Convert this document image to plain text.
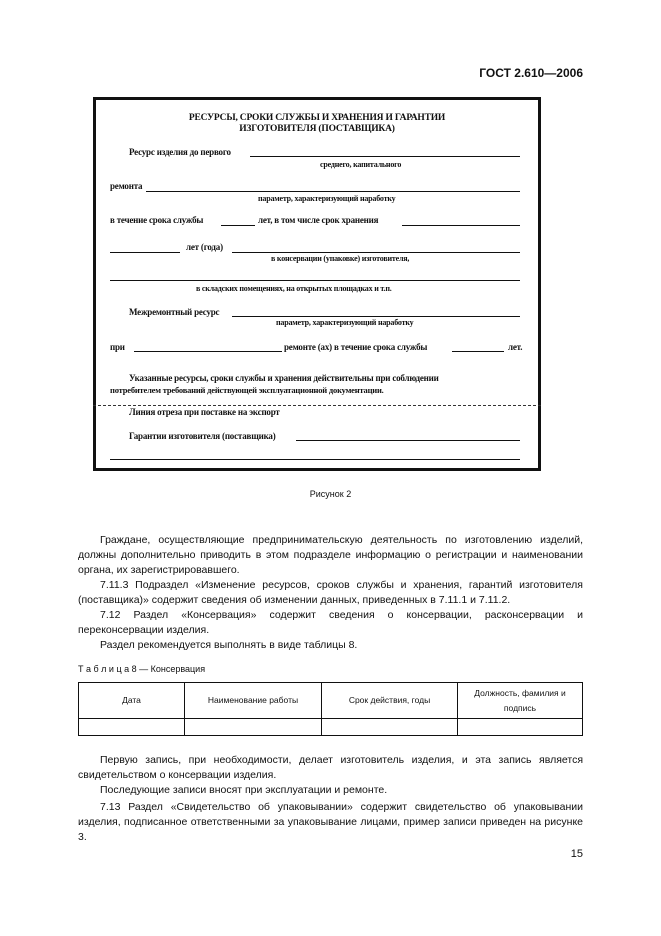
ГОСТ 2.610—2006
РЕСУРСЫ, СРОКИ СЛУЖБЫ И ХРАНЕНИЯ И ГАРАНТИИ
ИЗГОТОВИТЕЛЯ (ПОСТАВЩИКА)
Ресурс изделия до первого
среднего, капитального
ремонта
параметр, характеризующий наработку
в течение срока службы	лет, в том числе срок хранения
лет (года)
в консервации (упаковке) изготовителя,
в складских помещениях, на открытых площадках и т.п.
Межремонтный ресурс
параметр, характеризующий наработку
при	ремонте (ах) в течение срока службы	лет.
Указанные ресурсы, сроки службы и хранения действительны при соблюдении
потребителем требований действующей эксплуатационной документации.
Линия отреза при поставке на экспорт
Гарантии изготовителя (поставщика)
Рисунок 2
Граждане, осуществляющие предпринимательскую деятельность по изготовлению изделий, должны дополнительно приводить в этом подразделе информацию о регистрации и наименовании органа, их зарегистрировавшего.
7.11.3 Подраздел «Изменение ресурсов, сроков службы и хранения, гарантий изготовителя (поставщика)» содержит сведения об изменении данных, приведенных в 7.11.1 и 7.11.2.
7.12 Раздел «Консервация» содержит сведения о консервации, расконсервации и переконсервации изделия.
Раздел рекомендуется выполнять в виде таблицы 8.
Т а б л и ц а 8 — Консервация
Дата	Наименование работы	Срок действия, годы	Должность, фамилия и подпись

Первую запись, при необходимости, делает изготовитель изделия, и эта запись является свидетельством о консервации изделия.
Последующие записи вносят при эксплуатации и ремонте.
7.13 Раздел «Свидетельство об упаковывании» содержит свидетельство об упаковывании изделия, подписанное ответственными за упаковывание лицами, пример записи приведен на рисунке 3.
15
